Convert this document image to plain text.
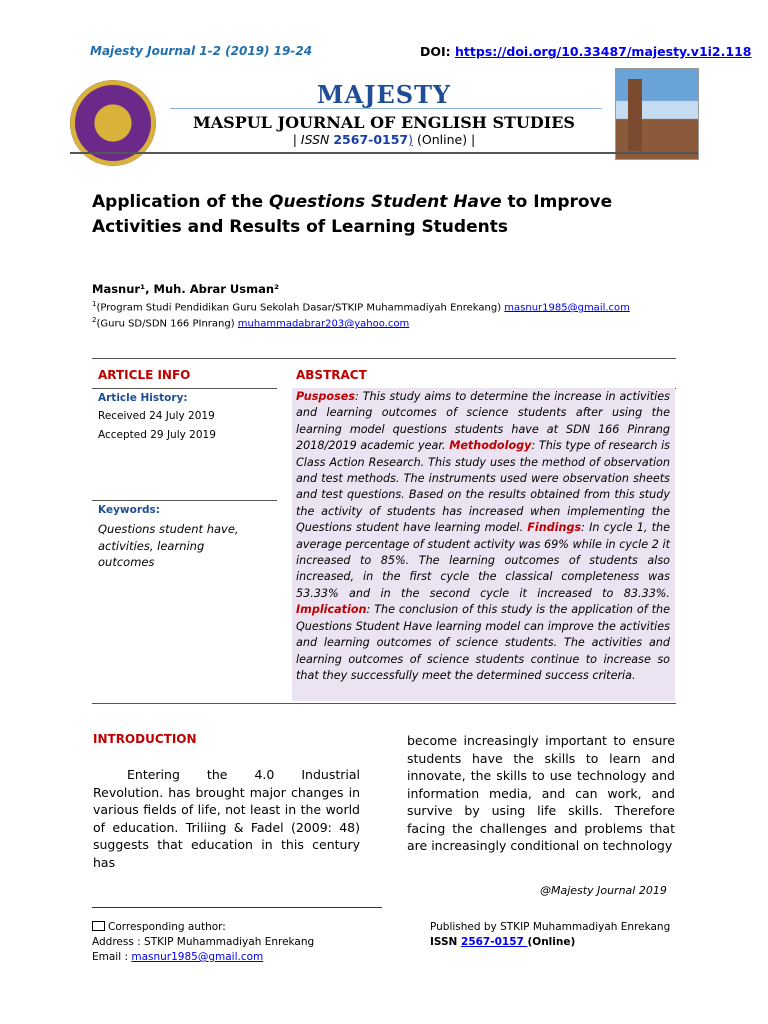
Majesty Journal 1-2 (2019) 19-24	DOI: https://doi.org/10.33487/majesty.v1i2.118
MAJESTY
MASPUL JOURNAL OF ENGLISH STUDIES
| ISSN 2567-0157) (Online) |
Application of the Questions Student Have to Improve Activities and Results of Learning Students
Masnur¹, Muh. Abrar Usman²
$^1$(Program Studi Pendidikan Guru Sekolah Dasar/STKIP Muhammadiyah Enrekang) masnur1985@gmail.com
$^2$(Guru SD/SDN 166 PInrang) muhammadabrar203@yahoo.com
ARTICLE INFO	ABSTRACT
Article History:
Received 24 July 2019
Accepted 29 July 2019
Keywords:
Questions student have, activities, learning outcomes
Pusposes: This study aims to determine the increase in activities and learning outcomes of science students after using the learning model questions students have at SDN 166 Pinrang 2018/2019 academic year. Methodology: This type of research is Class Action Research. This study uses the method of observation and test methods. The instruments used were observation sheets and test questions. Based on the results obtained from this study the activity of students has increased when implementing the Questions student have learning model. Findings: In cycle 1, the average percentage of student activity was 69% while in cycle 2 it increased to 85%. The learning outcomes of students also increased, in the first cycle the classical completeness was 53.33% and in the second cycle it increased to 83.33%. Implication: The conclusion of this study is the application of the Questions Student Have learning model can improve the activities and learning outcomes of science students. The activities and learning outcomes of science students continue to increase so that they successfully meet the determined success criteria.
INTRODUCTION
Entering the 4.0 Industrial Revolution. has brought major changes in various fields of life, not least in the world of education. Triliing & Fadel (2009: 48) suggests that education in this century has
become increasingly important to ensure students have the skills to learn and innovate, the skills to use technology and information media, and can work, and survive by using life skills. Therefore facing the challenges and problems that are increasingly conditional on technology
@Majesty Journal 2019
Corresponding author:
Address : STKIP Muhammadiyah Enrekang
Email : masnur1985@gmail.com
Published by STKIP Muhammadiyah Enrekang
ISSN 2567-0157 (Online)
